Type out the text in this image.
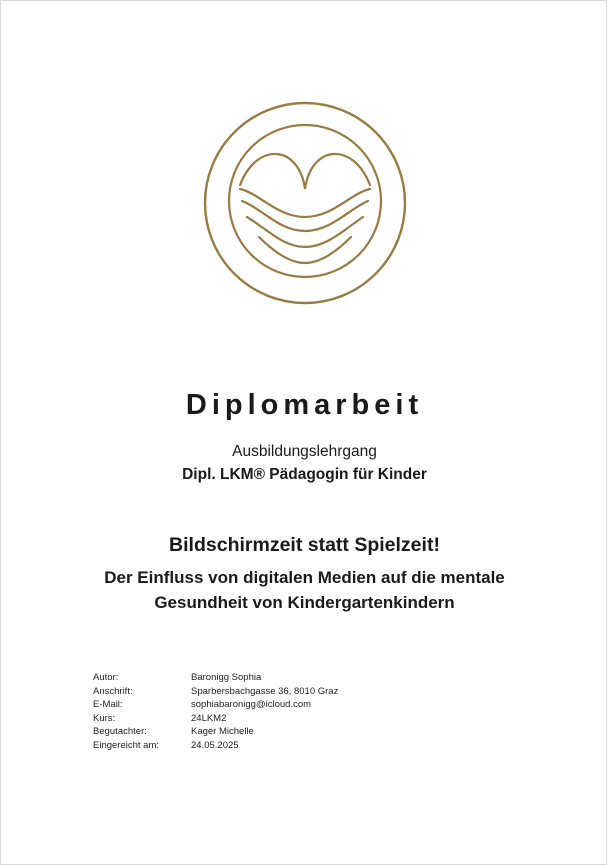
Diplomarbeit
Ausbildungslehrgang
Dipl. LKM® Pädagogin für Kinder
Bildschirmzeit statt Spielzeit!
Der Einfluss von digitalen Medien auf die mentale
Gesundheit von Kindergartenkindern
Autor:	Baronigg Sophia
Anschrift:	Sparbersbachgasse 36, 8010 Graz
E-Mail:	sophiabaronigg@icloud.com
Kurs:	24LKM2
Begutachter:	Kager Michelle
Eingereicht am:	24.05.2025
